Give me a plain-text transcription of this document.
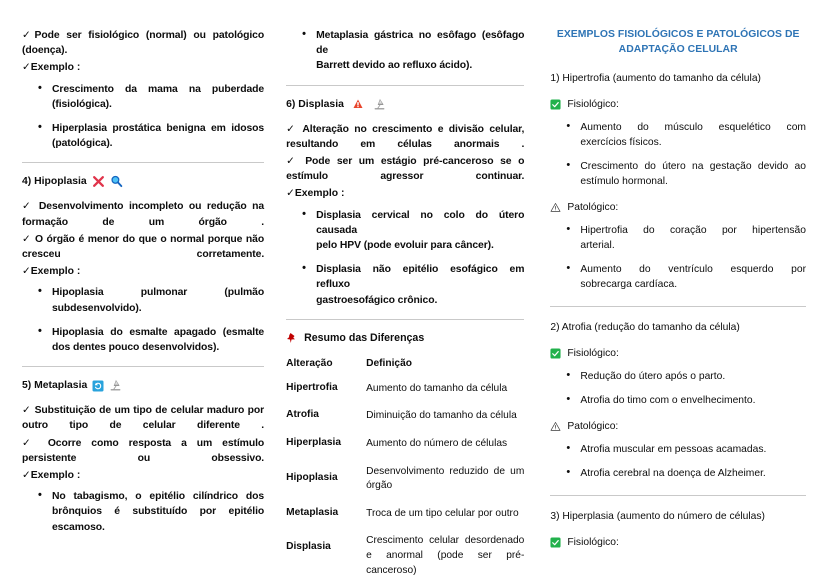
✓Pode ser fisiológico (normal) ou patológico (doença).

✓Exemplo :

• Crescimento da mama na puberdade
(fisiológica).
• Hiperplasia prostática benigna em idosos
(patológica).
4) Hipoplasia

✓ Desenvolvimento incompleto ou redução na formação de um órgão .

✓ O órgão é menor do que o normal porque não cresceu corretamente.

✓Exemplo :

• Hipoplasia pulmonar (pulmão
subdesenvolvido).
• Hipoplasia do esmalte apagado (esmalte
dos dentes pouco desenvolvidos).
5) Metaplasia

✓ Substituição de um tipo de celular maduro por outro tipo de celular diferente .

✓ Ocorre como resposta a um estímulo persistente	ou obsessivo.

✓Exemplo :

• No tabagismo, o epitélio cilíndrico dos
brônquios é substituído por epitélio
escamoso.
• Metaplasia gástrica no esôfago (esôfago de
Barrett devido ao refluxo ácido).
6) Displasia

✓ Alteração no crescimento e divisão celular, resultando em células anormais .

✓ Pode ser um estágio pré-canceroso se o estímulo	agressor continuar.

✓Exemplo :

• Displasia cervical no colo do útero causada
pelo HPV (pode evoluir para câncer).
• Displasia não epitélio esofágico em refluxo
gastroesofágico crônico.
Resumo das Diferenças
Alteração	Definição
Hipertrofia	Aumento do tamanho da célula
Atrofia	Diminuição do tamanho da célula
Hiperplasia	Aumento do número de células
Hipoplasia	Desenvolvimento reduzido de um órgão
Metaplasia	Troca de um tipo celular por outro
Displasia	Crescimento celular desordenado e anormal (pode ser pré-canceroso)
EXEMPLOS FISIOLÓGICOS E PATOLÓGICOS DE
ADAPTAÇÃO CELULAR

1) Hipertrofia (aumento do tamanho da célula)

Fisiológico:
• Aumento do músculo esquelético com
exercícios físicos.
• Crescimento do útero na gestação devido ao
estímulo hormonal.
Patológico:
• Hipertrofia do coração por hipertensão
arterial.
• Aumento do ventrículo esquerdo por
sobrecarga cardíaca.

2) Atrofia (redução do tamanho da célula)

Fisiológico:
• Redução do útero após o parto.
• Atrofia do timo com o envelhecimento.
Patológico:
• Atrofia muscular em pessoas acamadas.
• Atrofia cerebral na doença de Alzheimer.

3) Hiperplasia (aumento do número de células)

Fisiológico:
